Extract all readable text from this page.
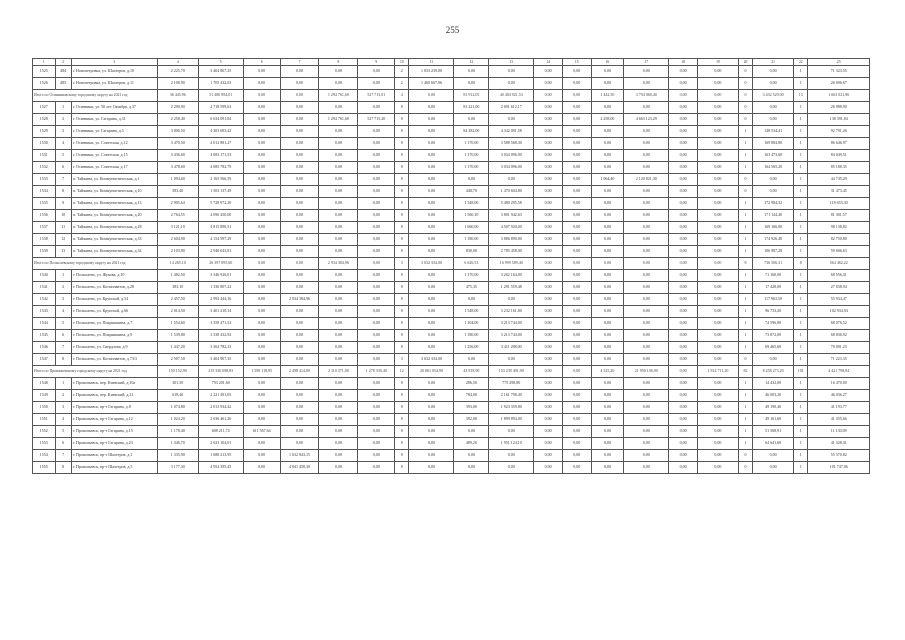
255
1	2	3	4	5	6	7	8	9	10	11	12	13	14	15	16	17	18	19	20	21	22	23
1525	484	г. Новопетровка, ул. Шахтеров, д.10	2 225,70	3 404 867,25	0,00	0,00	0,00	0,00	2	1 833 239,00	0,00	0,00	0,00	0,00	0,00	0,00	0,00	0,00	0	0,00	1	71 323,55
1526	485	г. Новопетровка, ул. Шахтеров, д.11	2 108,90	1 705 432,03	0,00	0,00	0,00	0,00	2	1 460 667,06	0,00	0,00	0,00	0,00	0,00	0,00	0,00	0,00	0	0,00	1	26 696,67
Итого по Осинниковскому городскому округу на 2021 год			36 445,96	51 486 894,01	0,00	0,00	1 294 761,60	527 715,01	4	0,00	81 912,05	40 404 921,53	0,00	0,00	1 442,50	3 794 060,40	0,00	0,00	0	3 432 529,00	13	1 663 021,86
1527	1	г. Осинники, ул. 50 лет Октября, д.37	2 290,90	2 718 599,63	0,00	0,00	0,00	0,00	0	0,00	81 221,00	2 691 612,17	0,00	0,00	0,00	0,00	0,00	0,00	0	0,00	1	26 988,90
1528	2	г. Осинники, ул. Гагарина, д.31	2 258,40	6 634 091,84	0,00	0,00	1 294 761,60	527 715,20	0	0,00	0,00	0,00	0,00	0,00	2 258,00	4 663 123,29	0,00	0,00	0	0,00	1	138 391,84
1529	3	г. Осинники, ул. Гагарина, д.5	3 006,50	4 303 693,42	0,00	0,00	0,00	0,00	0	0,00	84 282,00	4 342 091,58	0,00	0,00	0,00	0,00	0,00	0,00	1	148 534,41	1	92 791,26
1530	4	г. Осинники, ул. Советская, д.12	3 470,50	4 012 881,27	0,00	0,00	0,00	0,00	0	0,00	1 170,00	3 588 568,30	0,00	0,00	0,00	0,00	0,00	0,00	1	169 884,80	1	86 646,97
1531	5	г. Осинники, ул. Советская, д.15	3 436,60	4 083 171,53	0,00	0,00	0,00	0,00	0	0,00	1 170,00	3 034 096,00	0,00	0,00	0,00	0,00	0,00	0,00	1	163 473,60	1	84 049,51
1532	6	г. Осинники, ул. Советская, д.17	3 478,60	4 085 782,79	0,00	0,00	0,00	0,00	0	0,00	1 170,00	3 034 096,00	0,00	0,00	0,00	0,00	0,00	0,00	1	164 565,20	1	85 188,35
1533	7	п. Тайжина, ул. Коммунистическая, д.1	1 094,60	2 165 566,59	0,00	0,00	0,00	0,00	0	0,00	0,00	0,00	0,00	0,00	1 064,40	2 120 821,30	0,00	0,00	0	0,00	1	44 745,29
1534	8	п. Тайжина, ул. Коммунистическая, д.10	583,40	1 503 137,49	0,00	0,00	0,00	0,00	0	0,00	448,70	1 470 604,80	0,00	0,00	0,00	0,00	0,00	0,00	0	0,00	1	31 473,45
1535	9	п. Тайжина, ул. Коммунистическая, д.13	2 905,64	5 728 972,20	0,00	0,00	0,00	0,00	0	0,00	1 548,00	5 480 295,58	0,00	0,00	0,00	0,00	0,00	0,00	1	172 984,32	1	118 653,30
1536	10	п. Тайжина, ул. Коммунистическая, д.20	2 764,55	4 096 450,00	0,00	0,00	0,00	0,00	0	0,00	1 560,10	3 801 942,63	0,00	0,00	0,00	0,00	0,00	0,00	1	171 144,40	1	81 301,57
1537	11	п. Тайжина, ул. Коммунистическая, д.28	3 121,10	4 815 890,51	0,00	0,00	0,00	0,00	0	0,00	1 660,00	4 507 920,00	0,00	0,00	0,00	0,00	0,00	0,00	1	169 166,00	1	98 138,82
1538	12	п. Тайжина, ул. Коммунистическая, д.33	2 604,90	4 154 597,29	0,00	0,00	0,00	0,00	0	0,00	1 180,00	3 886 890,00	0,00	0,00	0,00	0,00	0,00	0,00	1	174 926,48	1	82 750,80
1539	13	п. Тайжина, ул. Коммунистическая, д.34	2 103,90	2 940 043,81	0,00	0,00	0,00	0,00	0	0,00	830,00	2 785 458,00	0,00	0,00	0,00	0,00	0,00	0,00	1	106 987,20	1	59 606,63
Итого по Полысаевскому городскому округу на 2021 год			14 265,10	26 397 095,60	0,00	0,00	2 934 384,96	0,00	3	3 632 334,00	6 626,53	16 999 589,40	0,00	0,00	0,00	0,00	0,00	0,00	8	736 506,31	8	564 462,22
1540	1	г. Полысаево, ул. Жукова, д.10	1 482,50	3 346 926,01	0,00	0,00	0,00	0,00	0	0,00	1 170,00	3 262 164,00	0,00	0,00	0,00	0,00	0,00	0,00	1	71 160,00	1	68 556,31
1541	2	г. Полысаево, ул. Космонавтов, д.28	383,10	1 336 807,22	0,00	0,00	0,00	0,00	0	0,00	475,35	1 291 559,48	0,00	0,00	0,00	0,00	0,00	0,00	1	17 428,00	1	27 838,94
1542	3	г. Полысаево, ул. Крупской, д.54	2 457,50	2 992 444,16	0,00	2 934 384,96	0,00	0,00	0	0,00	0,00	0,00	0,00	0,00	0,00	0,00	0,00	0,00	1	117 963,50	1	55 934,47
1543	4	г. Полысаево, ул. Крупской, д.66	2 014,50	3 401 210,14	0,00	0,00	0,00	0,00	0	0,00	1 548,00	3 232 161,00	0,00	0,00	0,00	0,00	0,00	0,00	1	96 733,20	1	102 934,94
1544	5	г. Полысаево, ул. Покрышкина, д.7	1 554,60	3 358 471,52	0,00	0,00	0,00	0,00	0	0,00	1 104,00	3 213 744,00	0,00	0,00	0,00	0,00	0,00	0,00	1	74 596,80	1	68 076,52
1545	6	г. Полысаево, ул. Покрышкина, д.9	1 539,80	3 338 432,92	0,00	0,00	0,00	0,00	0	0,00	1 180,00	3 213 744,00	0,00	0,00	0,00	0,00	0,00	0,00	1	73 872,00	1	68 836,92
1546	7	г. Полысаево, ул. Свердлова, д.9	1 447,20	3 362 782,23	0,00	0,00	0,00	0,00	0	0,00	1 256,00	3 411 288,00	0,00	0,00	0,00	0,00	0,00	0,00	1	69 465,60	1	70 001,23
1547	8	г. Полысаево, ул. Космонавтов, д.73/3	2 507,50	3 404 907,35	0,00	0,00	0,00	0,00	3	3 632 334,00	0,00	0,00	0,00	0,00	0,00	0,00	0,00	0,00	0	0,00	1	71 223,35
Итого по Прокопьевскому городскому округу на 2021 год			150 152,90	215 336 098,83	1 598 118,95	2 498 414,00	2 110 371,00	1 278 339,40	12	20 061 054,90	43 918,90	153 239 491,90	0,00	0,00	4 525,20	21 950 136,90	0,00	1 814 711,20	82	8 258 273,20	101	4 421 798,84
1548	1	г. Прокопьевск, пер. Киевский, д.10а	301,50	793 201,60	0,00	0,00	0,00	0,00	0	0,00	286,50	775 298,80	0,00	0,00	0,00	0,00	0,00	0,00	1	14 432,00	1	16 470,00
1549	2	г. Прокопьевск, пер. Киевский, д.21	618,46	2 221 491,05	0,00	0,00	0,00	0,00	0	0,00	784,00	2 161 798,40	0,00	0,00	0,00	0,00	0,00	0,00	1	46 003,20	1	46 036,27
1550	3	г. Прокопьевск, пр-т Гагарина, д.8	1 074,80	2 013 934,42	0,00	0,00	0,00	0,00	0	0,00	393,00	1 923 359,80	0,00	0,00	0,00	0,00	0,00	0,00	1	49 190,40	1	41 193,77
1551	4	г. Прокопьевск, пр-т Гагарина, д.12	1 024,20	2 036 461,26	0,00	0,00	0,00	0,00	0	0,00	392,00	1 899 894,00	0,00	0,00	0,00	0,00	0,00	0,00	1	49 161,60	1	41 355,66
1552	5	г. Прокопьевск, пр-т Гагарина, д.15	1 178,40	608 211,74	611 567,64	0,00	0,00	0,00	0	0,00	0,00	0,00	0,00	0,00	0,00	0,00	0,00	0,00	1	51 568,91	1	11 130,09
1553	6	г. Прокопьевск, пр-т Гагарина, д.23	1 346,70	2 023 104,01	0,00	0,00	0,00	0,00	0	0,00	489,20	1 951 124,10	0,00	0,00	0,00	0,00	0,00	0,00	1	64 641,60	1	41 328,31
1554	7	г. Прокопьевск, пр-т Шахтеров, д.1	1 335,90	1 688 213,95	0,00	1 632 843,15	0,00	0,00	0	0,00	0,00	0,00	0,00	0,00	0,00	0,00	0,00	0,00	0	0,00	1	55 370,82
1555	8	г. Прокопьевск, пр-т Шахтеров, д.5	3 177,30	4 952 395,45	0,00	4 841 458,30	0,00	0,00	0	0,00	0,00	0,00	0,00	0,00	0,00	0,00	0,00	0,00	0	0,00	1	101 747,06
